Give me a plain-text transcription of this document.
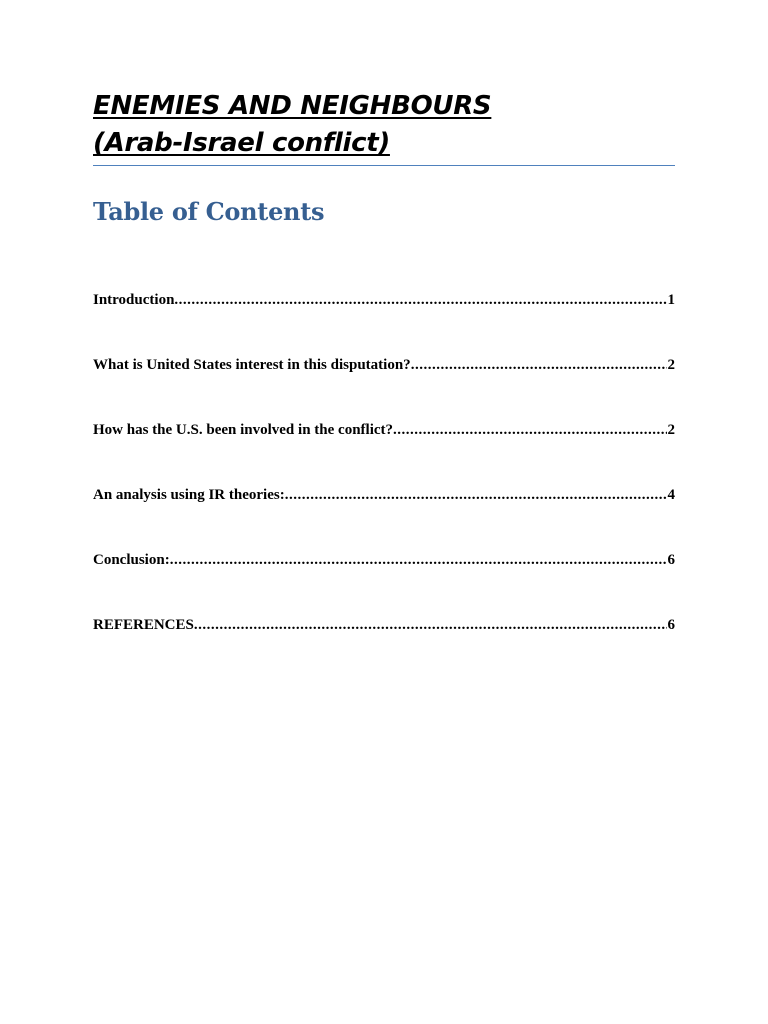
ENEMIES AND NEIGHBOURS
(Arab-Israel conflict)
Table of Contents
Introduction .....	1
What is United States interest in this disputation? .....	2
How has the U.S. been involved in the conflict? .....	2
An analysis using IR theories: .....	4
Conclusion: .....	6
REFERENCES .....	6
